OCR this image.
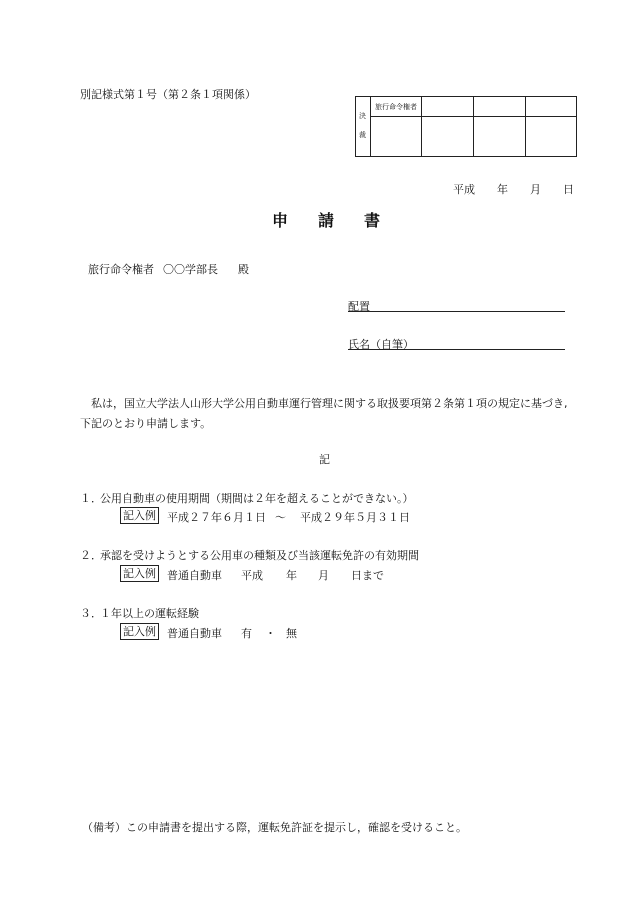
別記様式第１号（第２条１項関係）
決
裁
旅行命令権者
平成 年 月 日
申 請 書
旅行命令権者 〇〇学部長 殿
配置
氏名（自筆）
私は，国立大学法人山形大学公用自動車運行管理に関する取扱要項第２条第１項の規定に基づき,
下記のとおり申請します。
記
１．
公用自動車の使用期間（期間は２年を超えることができない。）
記入例 平成２７年６月１日 ～ 平成２９年５月３１日
２．
承認を受けようとする公用車の種類及び当該運転免許の有効期間
記入例 普通自動車 平成 年 月 日まで
３．
１年以上の運転経験
記入例 普通自動車 有 ・ 無
（備考）この申請書を提出する際，運転免許証を提示し，確認を受けること。
